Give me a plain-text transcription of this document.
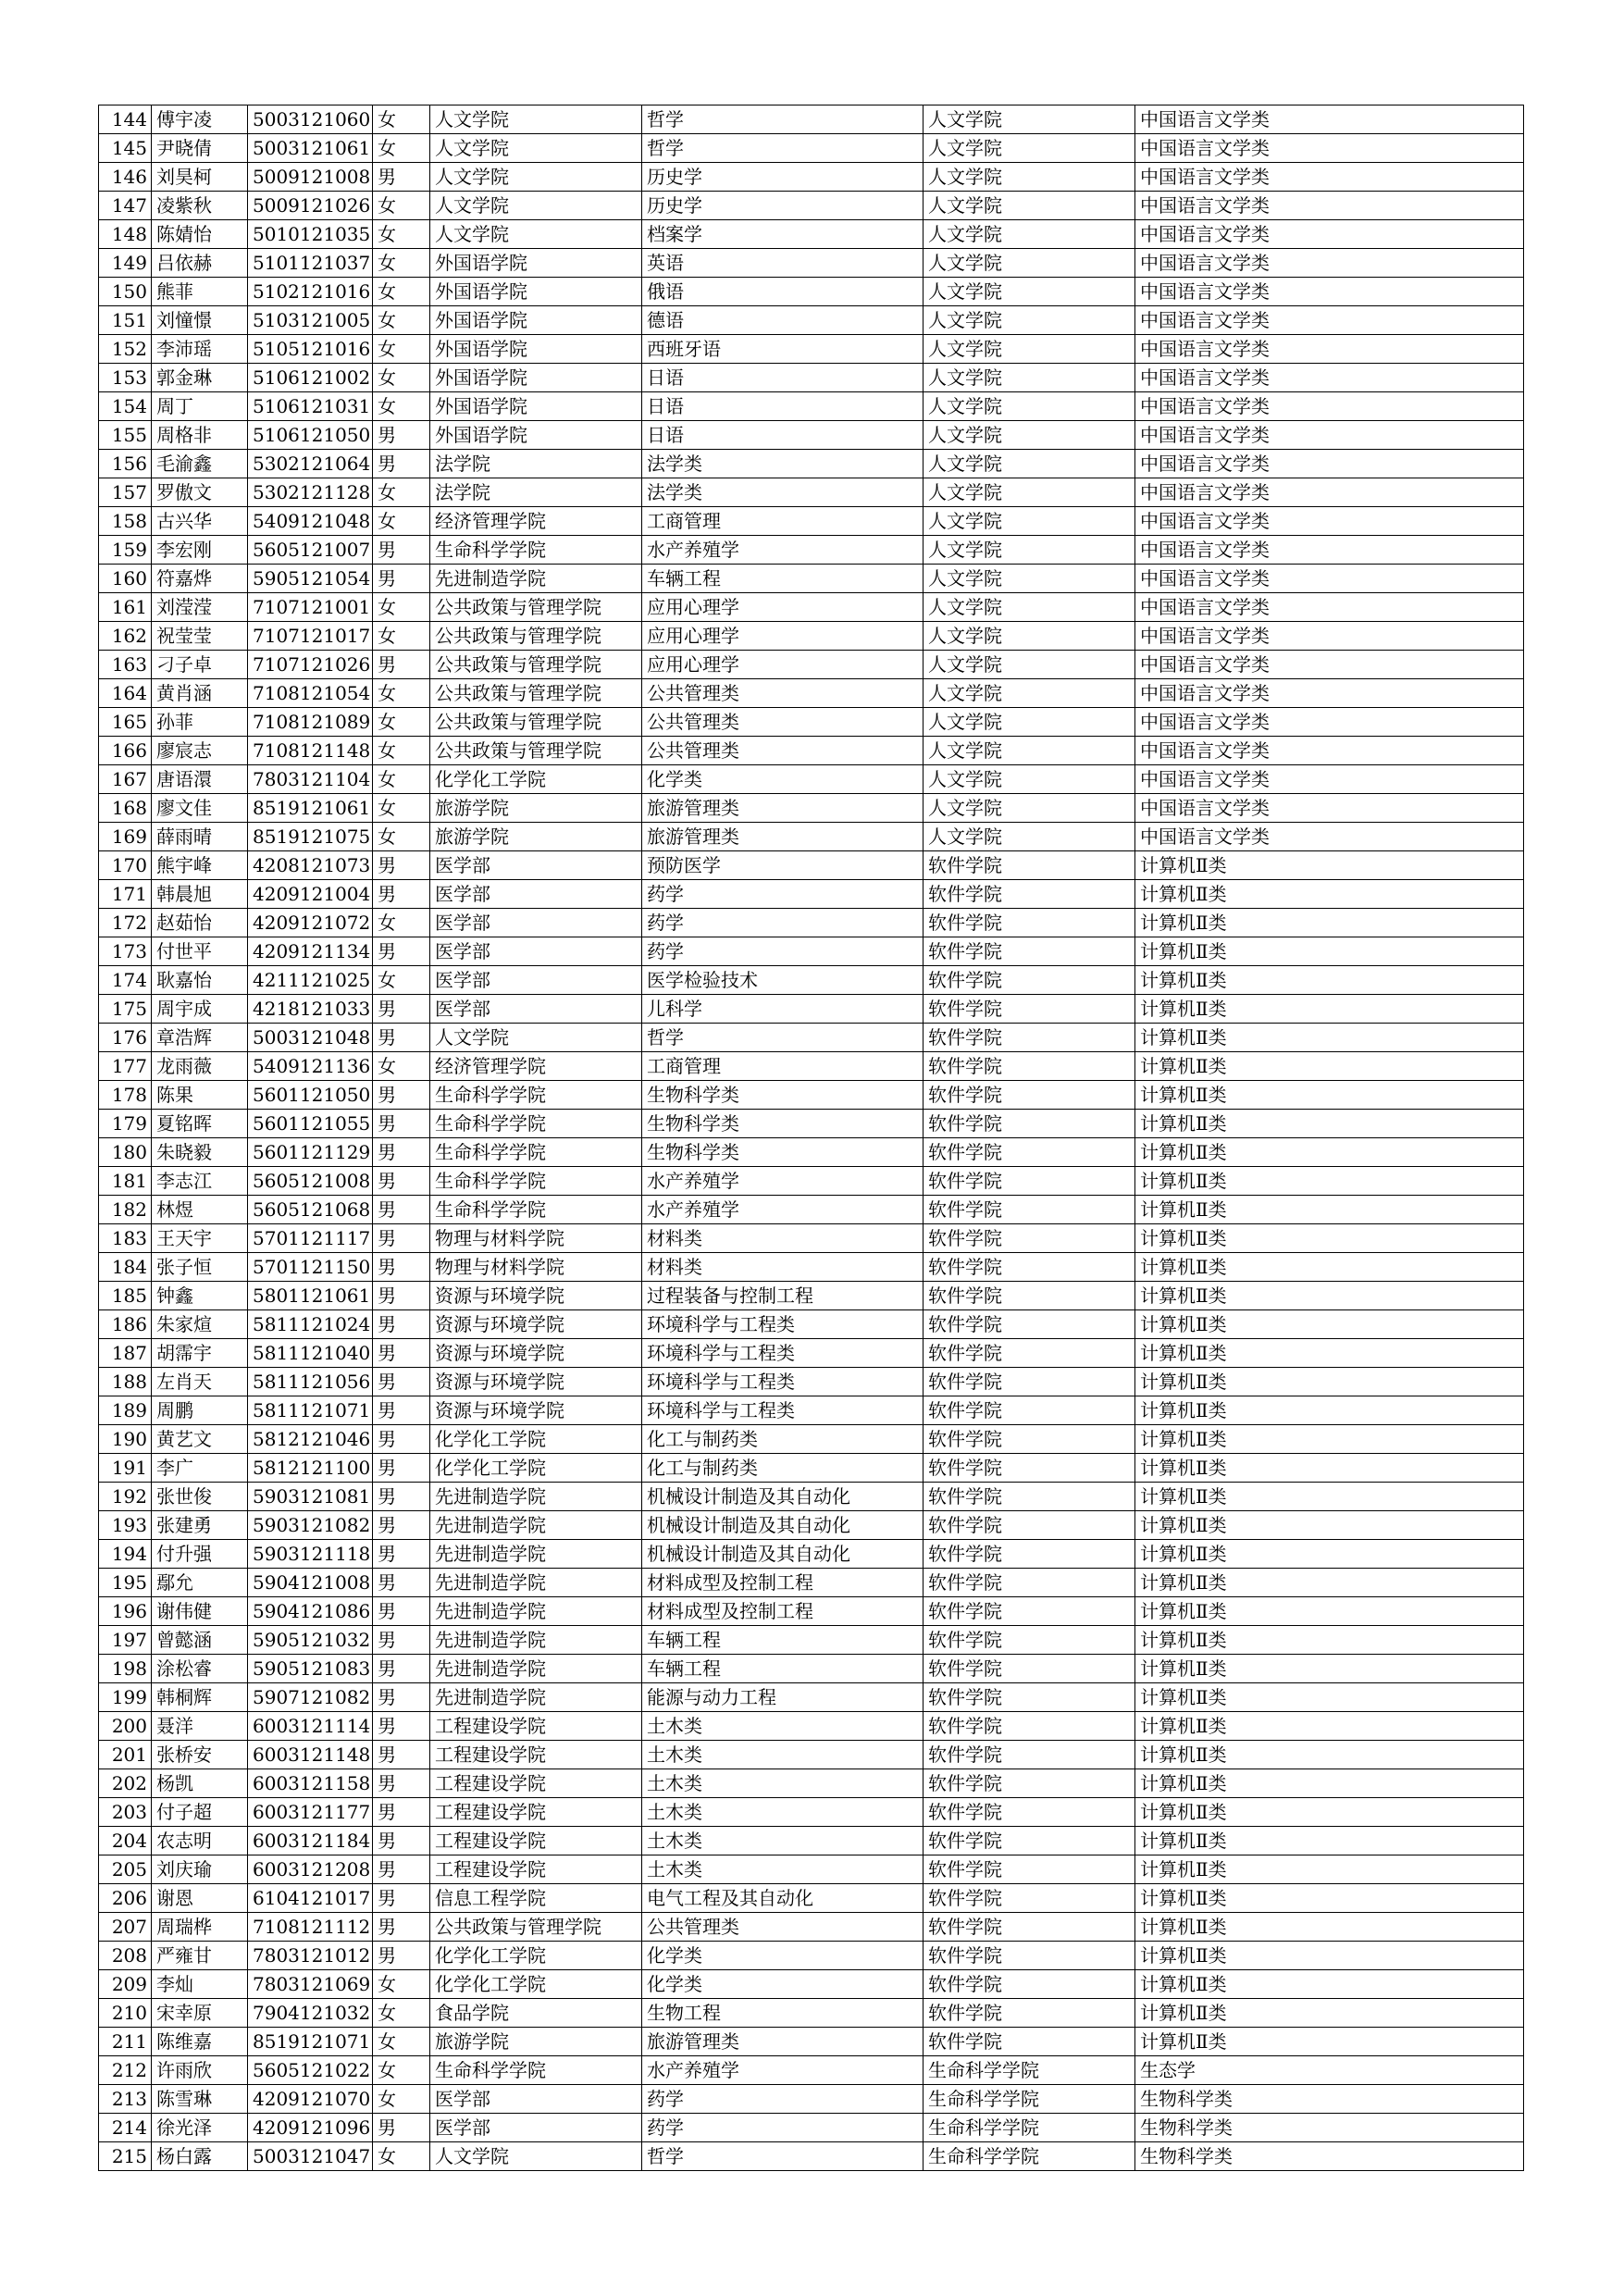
144	傅宇凌	5003121060	女	人文学院	哲学	人文学院	中国语言文学类
145	尹晓倩	5003121061	女	人文学院	哲学	人文学院	中国语言文学类
146	刘昊柯	5009121008	男	人文学院	历史学	人文学院	中国语言文学类
147	凌紫秋	5009121026	女	人文学院	历史学	人文学院	中国语言文学类
148	陈婧怡	5010121035	女	人文学院	档案学	人文学院	中国语言文学类
149	吕依赫	5101121037	女	外国语学院	英语	人文学院	中国语言文学类
150	熊菲	5102121016	女	外国语学院	俄语	人文学院	中国语言文学类
151	刘憧憬	5103121005	女	外国语学院	德语	人文学院	中国语言文学类
152	李沛瑶	5105121016	女	外国语学院	西班牙语	人文学院	中国语言文学类
153	郭金琳	5106121002	女	外国语学院	日语	人文学院	中国语言文学类
154	周丁	5106121031	女	外国语学院	日语	人文学院	中国语言文学类
155	周格非	5106121050	男	外国语学院	日语	人文学院	中国语言文学类
156	毛渝鑫	5302121064	男	法学院	法学类	人文学院	中国语言文学类
157	罗傲文	5302121128	女	法学院	法学类	人文学院	中国语言文学类
158	古兴华	5409121048	女	经济管理学院	工商管理	人文学院	中国语言文学类
159	李宏刚	5605121007	男	生命科学学院	水产养殖学	人文学院	中国语言文学类
160	符嘉烨	5905121054	男	先进制造学院	车辆工程	人文学院	中国语言文学类
161	刘滢滢	7107121001	女	公共政策与管理学院	应用心理学	人文学院	中国语言文学类
162	祝莹莹	7107121017	女	公共政策与管理学院	应用心理学	人文学院	中国语言文学类
163	刁子卓	7107121026	男	公共政策与管理学院	应用心理学	人文学院	中国语言文学类
164	黄肖涵	7108121054	女	公共政策与管理学院	公共管理类	人文学院	中国语言文学类
165	孙菲	7108121089	女	公共政策与管理学院	公共管理类	人文学院	中国语言文学类
166	廖宸志	7108121148	女	公共政策与管理学院	公共管理类	人文学院	中国语言文学类
167	唐语澴	7803121104	女	化学化工学院	化学类	人文学院	中国语言文学类
168	廖文佳	8519121061	女	旅游学院	旅游管理类	人文学院	中国语言文学类
169	薛雨晴	8519121075	女	旅游学院	旅游管理类	人文学院	中国语言文学类
170	熊宇峰	4208121073	男	医学部	预防医学	软件学院	计算机Ⅱ类
171	韩晨旭	4209121004	男	医学部	药学	软件学院	计算机Ⅱ类
172	赵茹怡	4209121072	女	医学部	药学	软件学院	计算机Ⅱ类
173	付世平	4209121134	男	医学部	药学	软件学院	计算机Ⅱ类
174	耿嘉怡	4211121025	女	医学部	医学检验技术	软件学院	计算机Ⅱ类
175	周宇成	4218121033	男	医学部	儿科学	软件学院	计算机Ⅱ类
176	章浩辉	5003121048	男	人文学院	哲学	软件学院	计算机Ⅱ类
177	龙雨薇	5409121136	女	经济管理学院	工商管理	软件学院	计算机Ⅱ类
178	陈果	5601121050	男	生命科学学院	生物科学类	软件学院	计算机Ⅱ类
179	夏铭晖	5601121055	男	生命科学学院	生物科学类	软件学院	计算机Ⅱ类
180	朱晓毅	5601121129	男	生命科学学院	生物科学类	软件学院	计算机Ⅱ类
181	李志江	5605121008	男	生命科学学院	水产养殖学	软件学院	计算机Ⅱ类
182	林煜	5605121068	男	生命科学学院	水产养殖学	软件学院	计算机Ⅱ类
183	王天宇	5701121117	男	物理与材料学院	材料类	软件学院	计算机Ⅱ类
184	张子恒	5701121150	男	物理与材料学院	材料类	软件学院	计算机Ⅱ类
185	钟鑫	5801121061	男	资源与环境学院	过程装备与控制工程	软件学院	计算机Ⅱ类
186	朱家煊	5811121024	男	资源与环境学院	环境科学与工程类	软件学院	计算机Ⅱ类
187	胡霈宇	5811121040	男	资源与环境学院	环境科学与工程类	软件学院	计算机Ⅱ类
188	左肖天	5811121056	男	资源与环境学院	环境科学与工程类	软件学院	计算机Ⅱ类
189	周鹏	5811121071	男	资源与环境学院	环境科学与工程类	软件学院	计算机Ⅱ类
190	黄艺文	5812121046	男	化学化工学院	化工与制药类	软件学院	计算机Ⅱ类
191	李广	5812121100	男	化学化工学院	化工与制药类	软件学院	计算机Ⅱ类
192	张世俊	5903121081	男	先进制造学院	机械设计制造及其自动化	软件学院	计算机Ⅱ类
193	张建勇	5903121082	男	先进制造学院	机械设计制造及其自动化	软件学院	计算机Ⅱ类
194	付升强	5903121118	男	先进制造学院	机械设计制造及其自动化	软件学院	计算机Ⅱ类
195	鄢允	5904121008	男	先进制造学院	材料成型及控制工程	软件学院	计算机Ⅱ类
196	谢伟健	5904121086	男	先进制造学院	材料成型及控制工程	软件学院	计算机Ⅱ类
197	曾懿涵	5905121032	男	先进制造学院	车辆工程	软件学院	计算机Ⅱ类
198	涂松睿	5905121083	男	先进制造学院	车辆工程	软件学院	计算机Ⅱ类
199	韩桐辉	5907121082	男	先进制造学院	能源与动力工程	软件学院	计算机Ⅱ类
200	聂洋	6003121114	男	工程建设学院	土木类	软件学院	计算机Ⅱ类
201	张桥安	6003121148	男	工程建设学院	土木类	软件学院	计算机Ⅱ类
202	杨凯	6003121158	男	工程建设学院	土木类	软件学院	计算机Ⅱ类
203	付子超	6003121177	男	工程建设学院	土木类	软件学院	计算机Ⅱ类
204	农志明	6003121184	男	工程建设学院	土木类	软件学院	计算机Ⅱ类
205	刘庆瑜	6003121208	男	工程建设学院	土木类	软件学院	计算机Ⅱ类
206	谢恩	6104121017	男	信息工程学院	电气工程及其自动化	软件学院	计算机Ⅱ类
207	周瑞桦	7108121112	男	公共政策与管理学院	公共管理类	软件学院	计算机Ⅱ类
208	严雍甘	7803121012	男	化学化工学院	化学类	软件学院	计算机Ⅱ类
209	李灿	7803121069	女	化学化工学院	化学类	软件学院	计算机Ⅱ类
210	宋幸原	7904121032	女	食品学院	生物工程	软件学院	计算机Ⅱ类
211	陈维嘉	8519121071	女	旅游学院	旅游管理类	软件学院	计算机Ⅱ类
212	许雨欣	5605121022	女	生命科学学院	水产养殖学	生命科学学院	生态学
213	陈雪琳	4209121070	女	医学部	药学	生命科学学院	生物科学类
214	徐光泽	4209121096	男	医学部	药学	生命科学学院	生物科学类
215	杨白露	5003121047	女	人文学院	哲学	生命科学学院	生物科学类
